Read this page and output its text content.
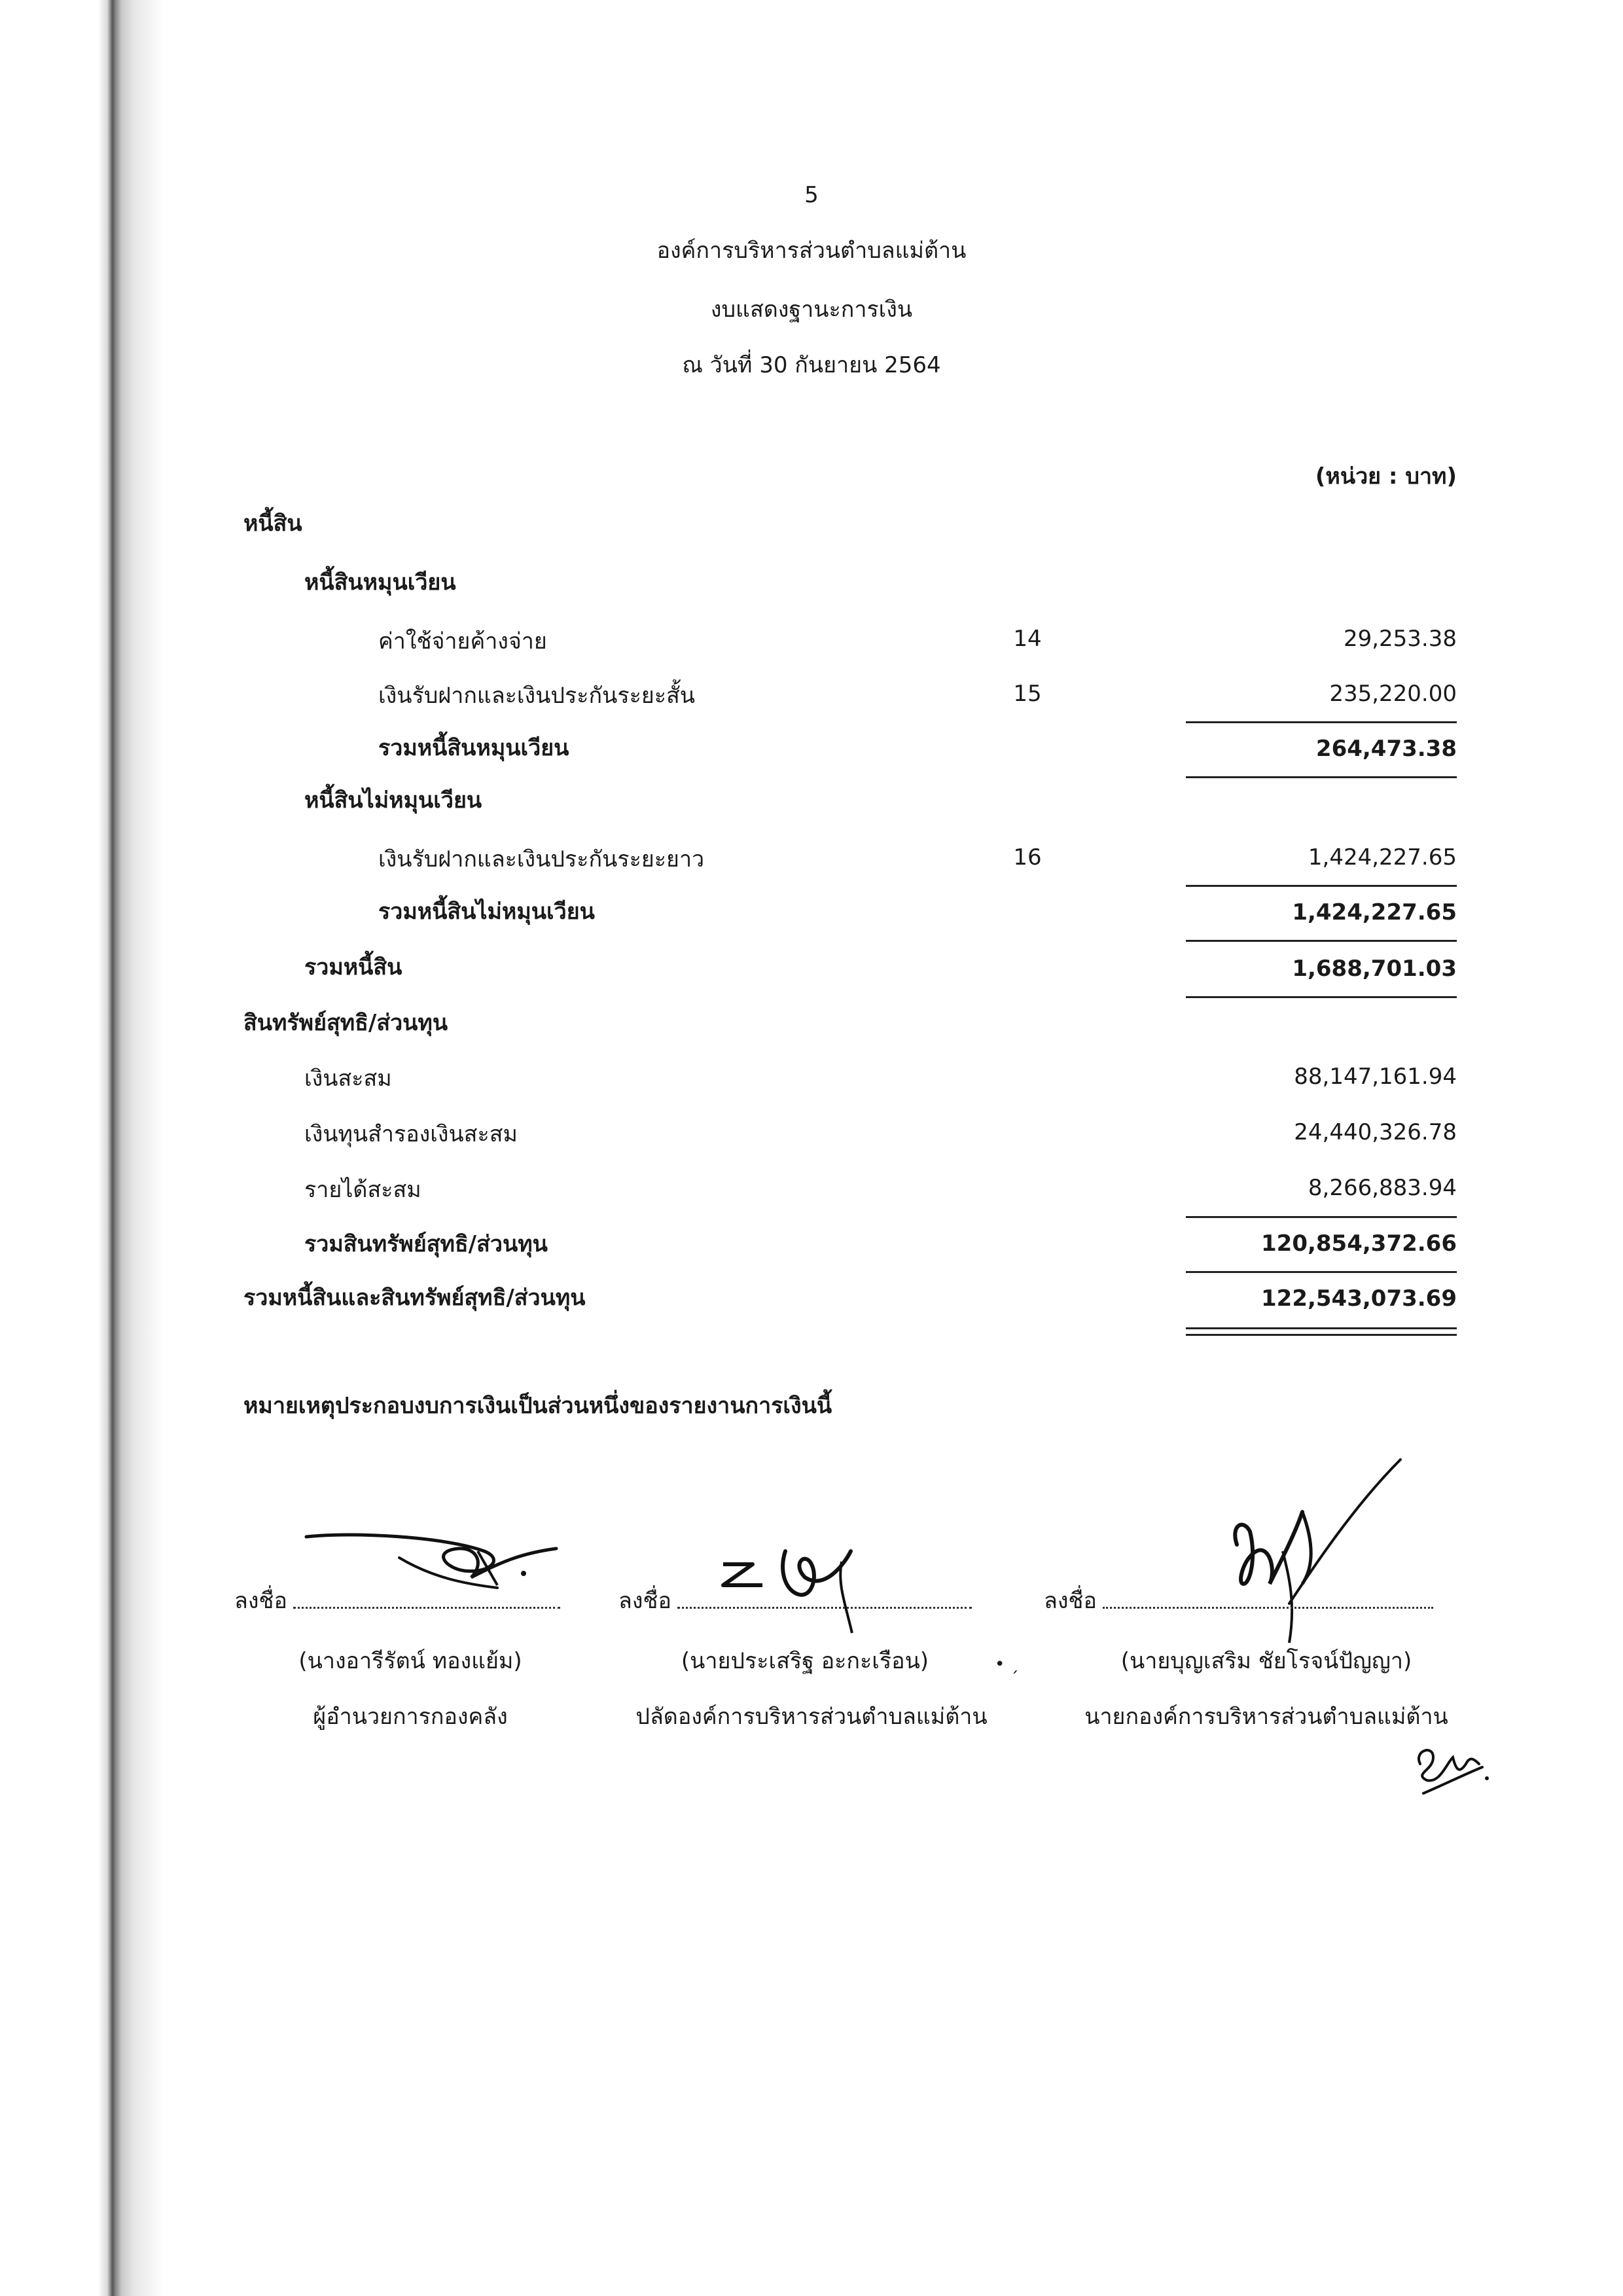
5
องค์การบริหารส่วนตำบลแม่ต้าน
งบแสดงฐานะการเงิน
ณ วันที่ 30 กันยายน 2564
(หน่วย : บาท)
หนี้สิน
หนี้สินหมุนเวียน
ค่าใช้จ่ายค้างจ่าย	14	29,253.38
เงินรับฝากและเงินประกันระยะสั้น	15	235,220.00
รวมหนี้สินหมุนเวียน	264,473.38
หนี้สินไม่หมุนเวียน
เงินรับฝากและเงินประกันระยะยาว	16	1,424,227.65
รวมหนี้สินไม่หมุนเวียน	1,424,227.65
รวมหนี้สิน	1,688,701.03
สินทรัพย์สุทธิ/ส่วนทุน
เงินสะสม	88,147,161.94
เงินทุนสำรองเงินสะสม	24,440,326.78
รายได้สะสม	8,266,883.94
รวมสินทรัพย์สุทธิ/ส่วนทุน	120,854,372.66
รวมหนี้สินและสินทรัพย์สุทธิ/ส่วนทุน	122,543,073.69
หมายเหตุประกอบงบการเงินเป็นส่วนหนึ่งของรายงานการเงินนี้
ลงชื่อ
(นางอารีรัตน์ ทองแย้ม)
ผู้อำนวยการกองคลัง
ลงชื่อ
(นายประเสริฐ อะกะเรือน)
ปลัดองค์การบริหารส่วนตำบลแม่ต้าน
ลงชื่อ
(นายบุญเสริม ชัยโรจน์ปัญญา)
นายกองค์การบริหารส่วนตำบลแม่ต้าน
• ˏ
